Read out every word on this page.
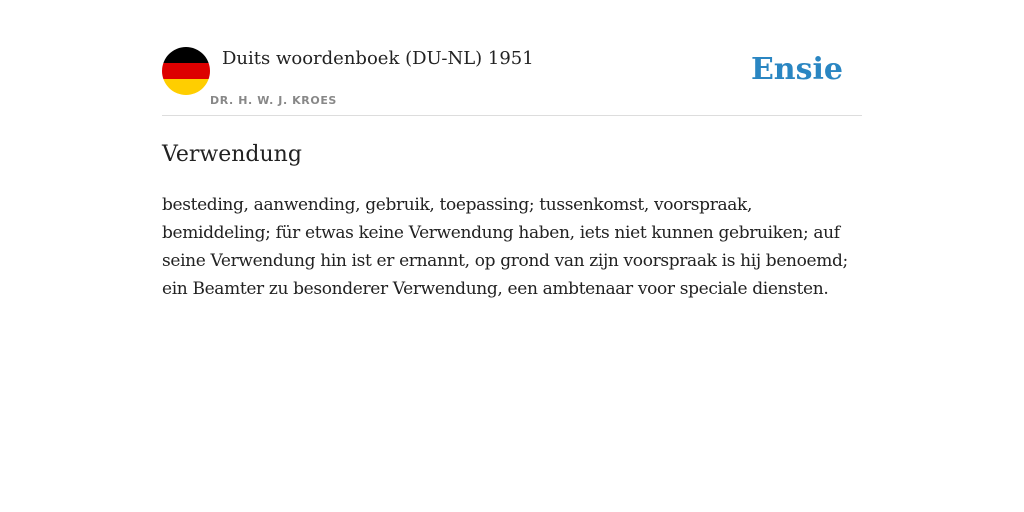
Duits woordenboek (DU-NL) 1951
DR. H. W. J. KROES
Ensie
Verwendung

besteding, aanwending, gebruik, toepassing; tussenkomst, voorspraak, bemiddeling; für etwas keine Verwendung haben, iets niet kunnen gebruiken; auf seine Verwendung hin ist er ernannt, op grond van zijn voorspraak is hij benoemd; ein Beamter zu besonderer Verwendung, een ambtenaar voor speciale diensten.
